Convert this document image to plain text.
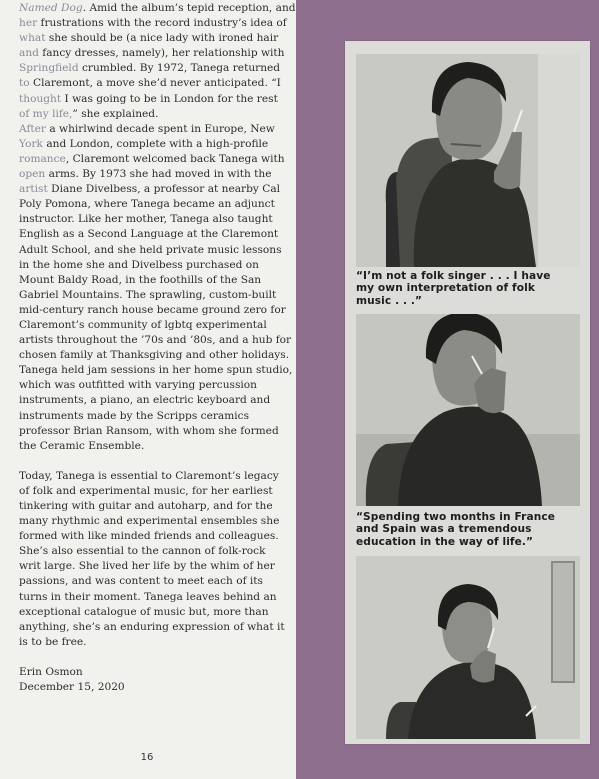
Named Dog. Amid the album’s tepid reception, and
her frustrations with the record industry’s idea of
what she should be (a nice lady with ironed hair
and fancy dresses, namely), her relationship with
Springfield crumbled. By 1972, Tanega returned
to Claremont, a move she’d never anticipated. “I
thought I was going to be in London for the rest
of my life,” she explained.

After a whirlwind decade spent in Europe, New
York and London, complete with a high-profile
romance, Claremont welcomed back Tanega with
open arms. By 1973 she had moved in with the
artist Diane Divelbess, a professor at nearby Cal
Poly Pomona, where Tanega became an adjunct
instructor. Like her mother, Tanega also taught
English as a Second Language at the Claremont
Adult School, and she held private music lessons
in the home she and Divelbess purchased on
Mount Baldy Road, in the foothills of the San
Gabriel Mountains. The sprawling, custom-built
mid-century ranch house became ground zero for
Claremont’s community of lgbtq experimental
artists throughout the ’70s and ’80s, and a hub for
chosen family at Thanksgiving and other holidays.
Tanega held jam sessions in her home spun studio,
which was outfitted with varying percussion
instruments, a piano, an electric keyboard and
instruments made by the Scripps ceramics
professor Brian Ransom, with whom she formed
the Ceramic Ensemble.

Today, Tanega is essential to Claremont’s legacy
of folk and experimental music, for her earliest
tinkering with guitar and autoharp, and for the
many rhythmic and experimental ensembles she
formed with like minded friends and colleagues.
She’s also essential to the cannon of folk-rock
writ large. She lived her life by the whim of her
passions, and was content to meet each of its
turns in their moment. Tanega leaves behind an
exceptional catalogue of music but, more than
anything, she’s an enduring expression of what it
is to be free.

Erin Osmon
December 15, 2020
16
“I’m not a folk singer . . . I have
my own interpretation of folk
music . . .”
“Spending two months in France
and Spain was a tremendous
education in the way of life.”
